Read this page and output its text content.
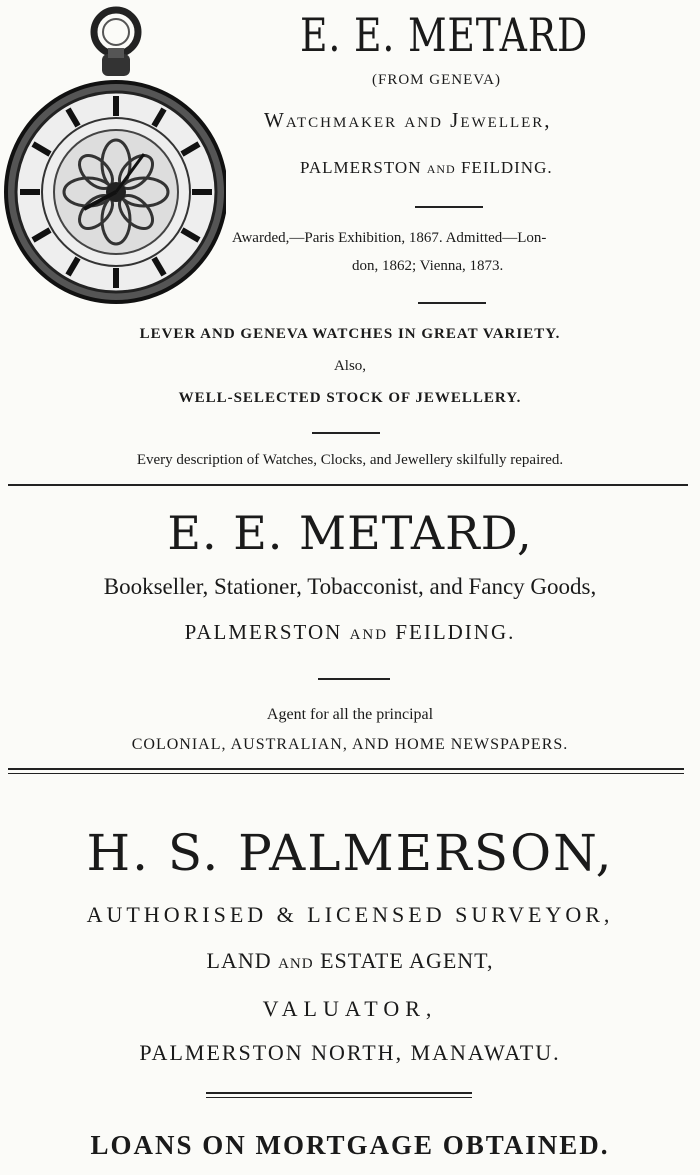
E. E. METARD
(FROM GENEVA)
Watchmaker and Jeweller,
PALMERSTON and FEILDING.
Awarded,—Paris Exhibition, 1867. Admitted—Lon-
don, 1862; Vienna, 1873.
LEVER AND GENEVA WATCHES IN GREAT VARIETY.
Also,
WELL-SELECTED STOCK OF JEWELLERY.
Every description of Watches, Clocks, and Jewellery skilfully repaired.
E. E. METARD,
Bookseller, Stationer, Tobacconist, and Fancy Goods,
PALMERSTON and FEILDING.
Agent for all the principal
COLONIAL, AUSTRALIAN, AND HOME NEWSPAPERS.
H. S. PALMERSON,
AUTHORISED & LICENSED SURVEYOR,
LAND and ESTATE AGENT,
VALUATOR,
PALMERSTON NORTH, MANAWATU.
LOANS ON MORTGAGE OBTAINED.
